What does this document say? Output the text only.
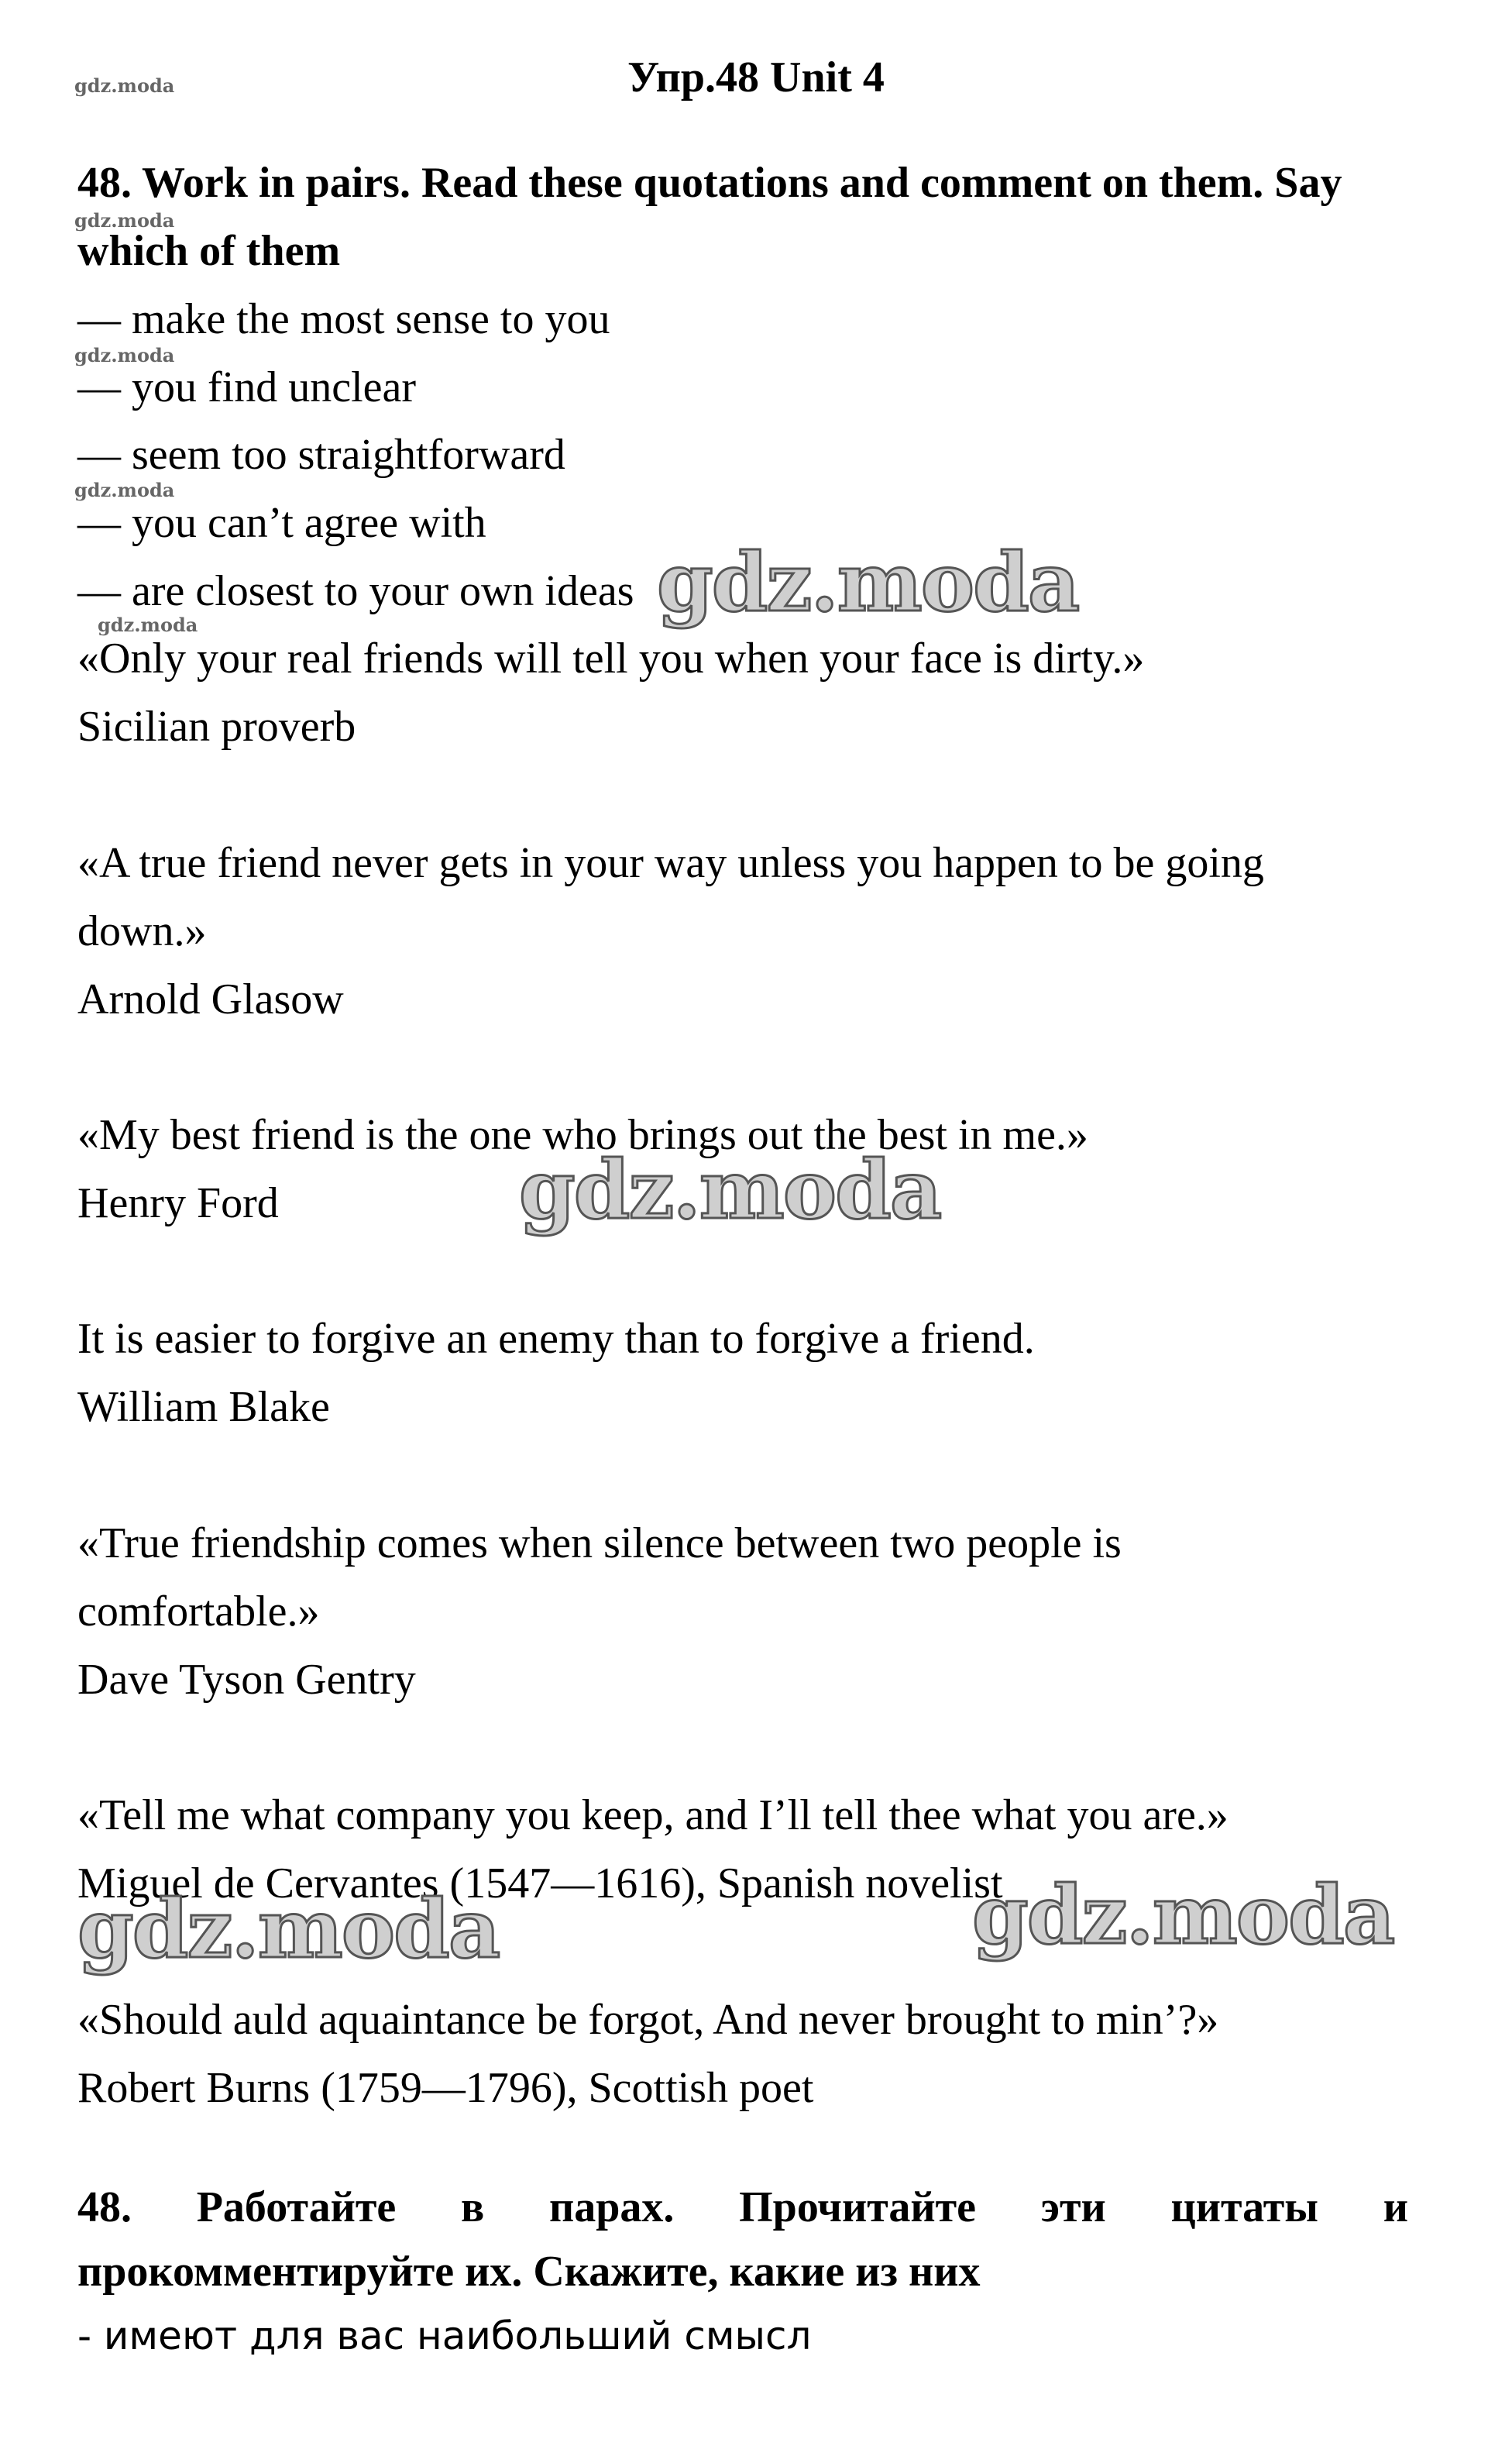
gdz.moda
gdz.moda
gdz.moda
gdz.moda
gdz.moda
Упр.48 Unit 4
48. Work in pairs. Read these quotations and comment on them. Say
which of them
— make the most sense to you
— you find unclear
— seem too straightforward
— you can’t agree with
— are closest to your own ideas
«Only your real friends will tell you when your face is dirty.»
Sicilian proverb
«A true friend never gets in your way unless you happen to be going
down.»
Arnold Glasow
«My best friend is the one who brings out the best in me.»
Henry Ford
It is easier to forgive an enemy than to forgive a friend.
William Blake
«True friendship comes when silence between two people is
comfortable.»
Dave Tyson Gentry
«Tell me what company you keep, and I’ll tell thee what you are.»
Miguel de Cervantes (1547—1616), Spanish novelist
«Should auld aquaintance be forgot, And never brought to min’?»
Robert Burns (1759—1796), Scottish poet
48. Работайте в парах. Прочитайте эти цитаты и
прокомментируйте их. Скажите, какие из них
- имеют для вас наибольший смысл
gdz.moda
gdz.moda
gdz.moda	gdz.moda
